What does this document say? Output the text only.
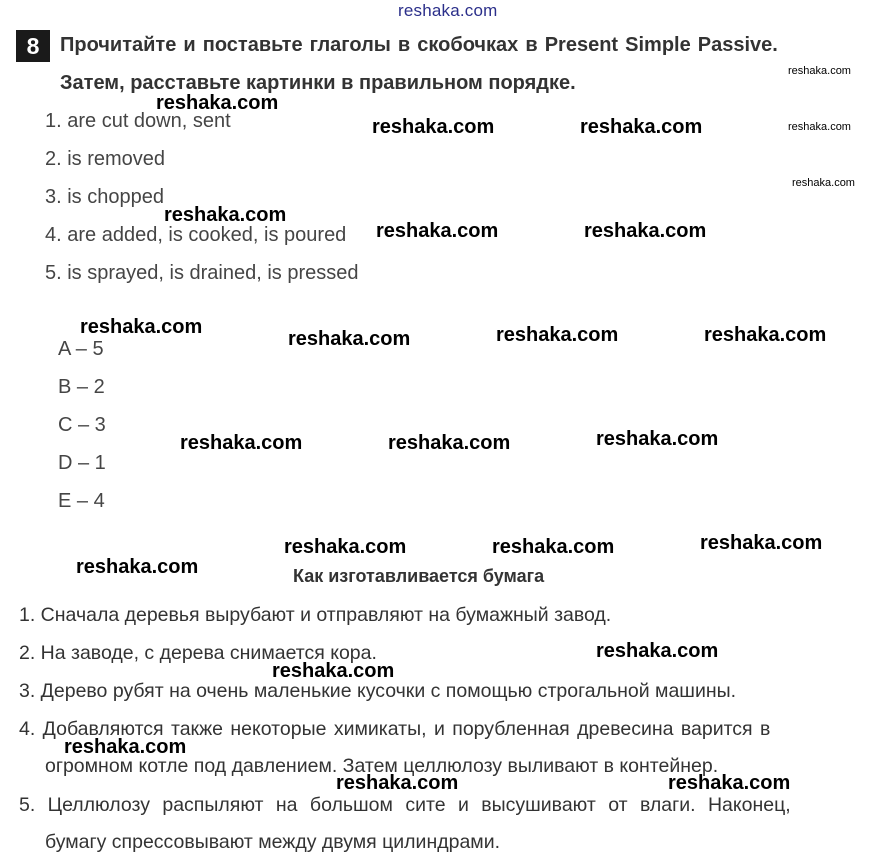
reshaka.com
8	Прочитайте и поставьте глаголы в скобочках в Present Simple Passive.
Затем, расставьте картинки в правильном порядке.
1. are cut down, sent
2. is removed
3. is chopped
4. are added, is cooked, is poured
5. is sprayed, is drained, is pressed
A – 5
B – 2
C – 3
D – 1
E – 4
Как изготавливается бумага
1. Сначала деревья вырубают и отправляют на бумажный завод.
2. На заводе, с дерева снимается кора.
3. Дерево рубят на очень маленькие кусочки с помощью строгальной машины.
4. Добавляются также некоторые химикаты, и порубленная древесина варится в
огромном котле под давлением. Затем целлюлозу выливают в контейнер.
5. Целлюлозу распыляют на большом сите и высушивают от влаги. Наконец,
бумагу спрессовывают между двумя цилиндрами.
reshaka.com
reshaka.com
reshaka.com
reshaka.com
reshaka.com	reshaka.com
reshaka.com
reshaka.com	reshaka.com
reshaka.com
reshaka.com	reshaka.com	reshaka.com
reshaka.com	reshaka.com	reshaka.com
reshaka.com	reshaka.com	reshaka.com
reshaka.com
reshaka.com
reshaka.com
reshaka.com
reshaka.com	reshaka.com
